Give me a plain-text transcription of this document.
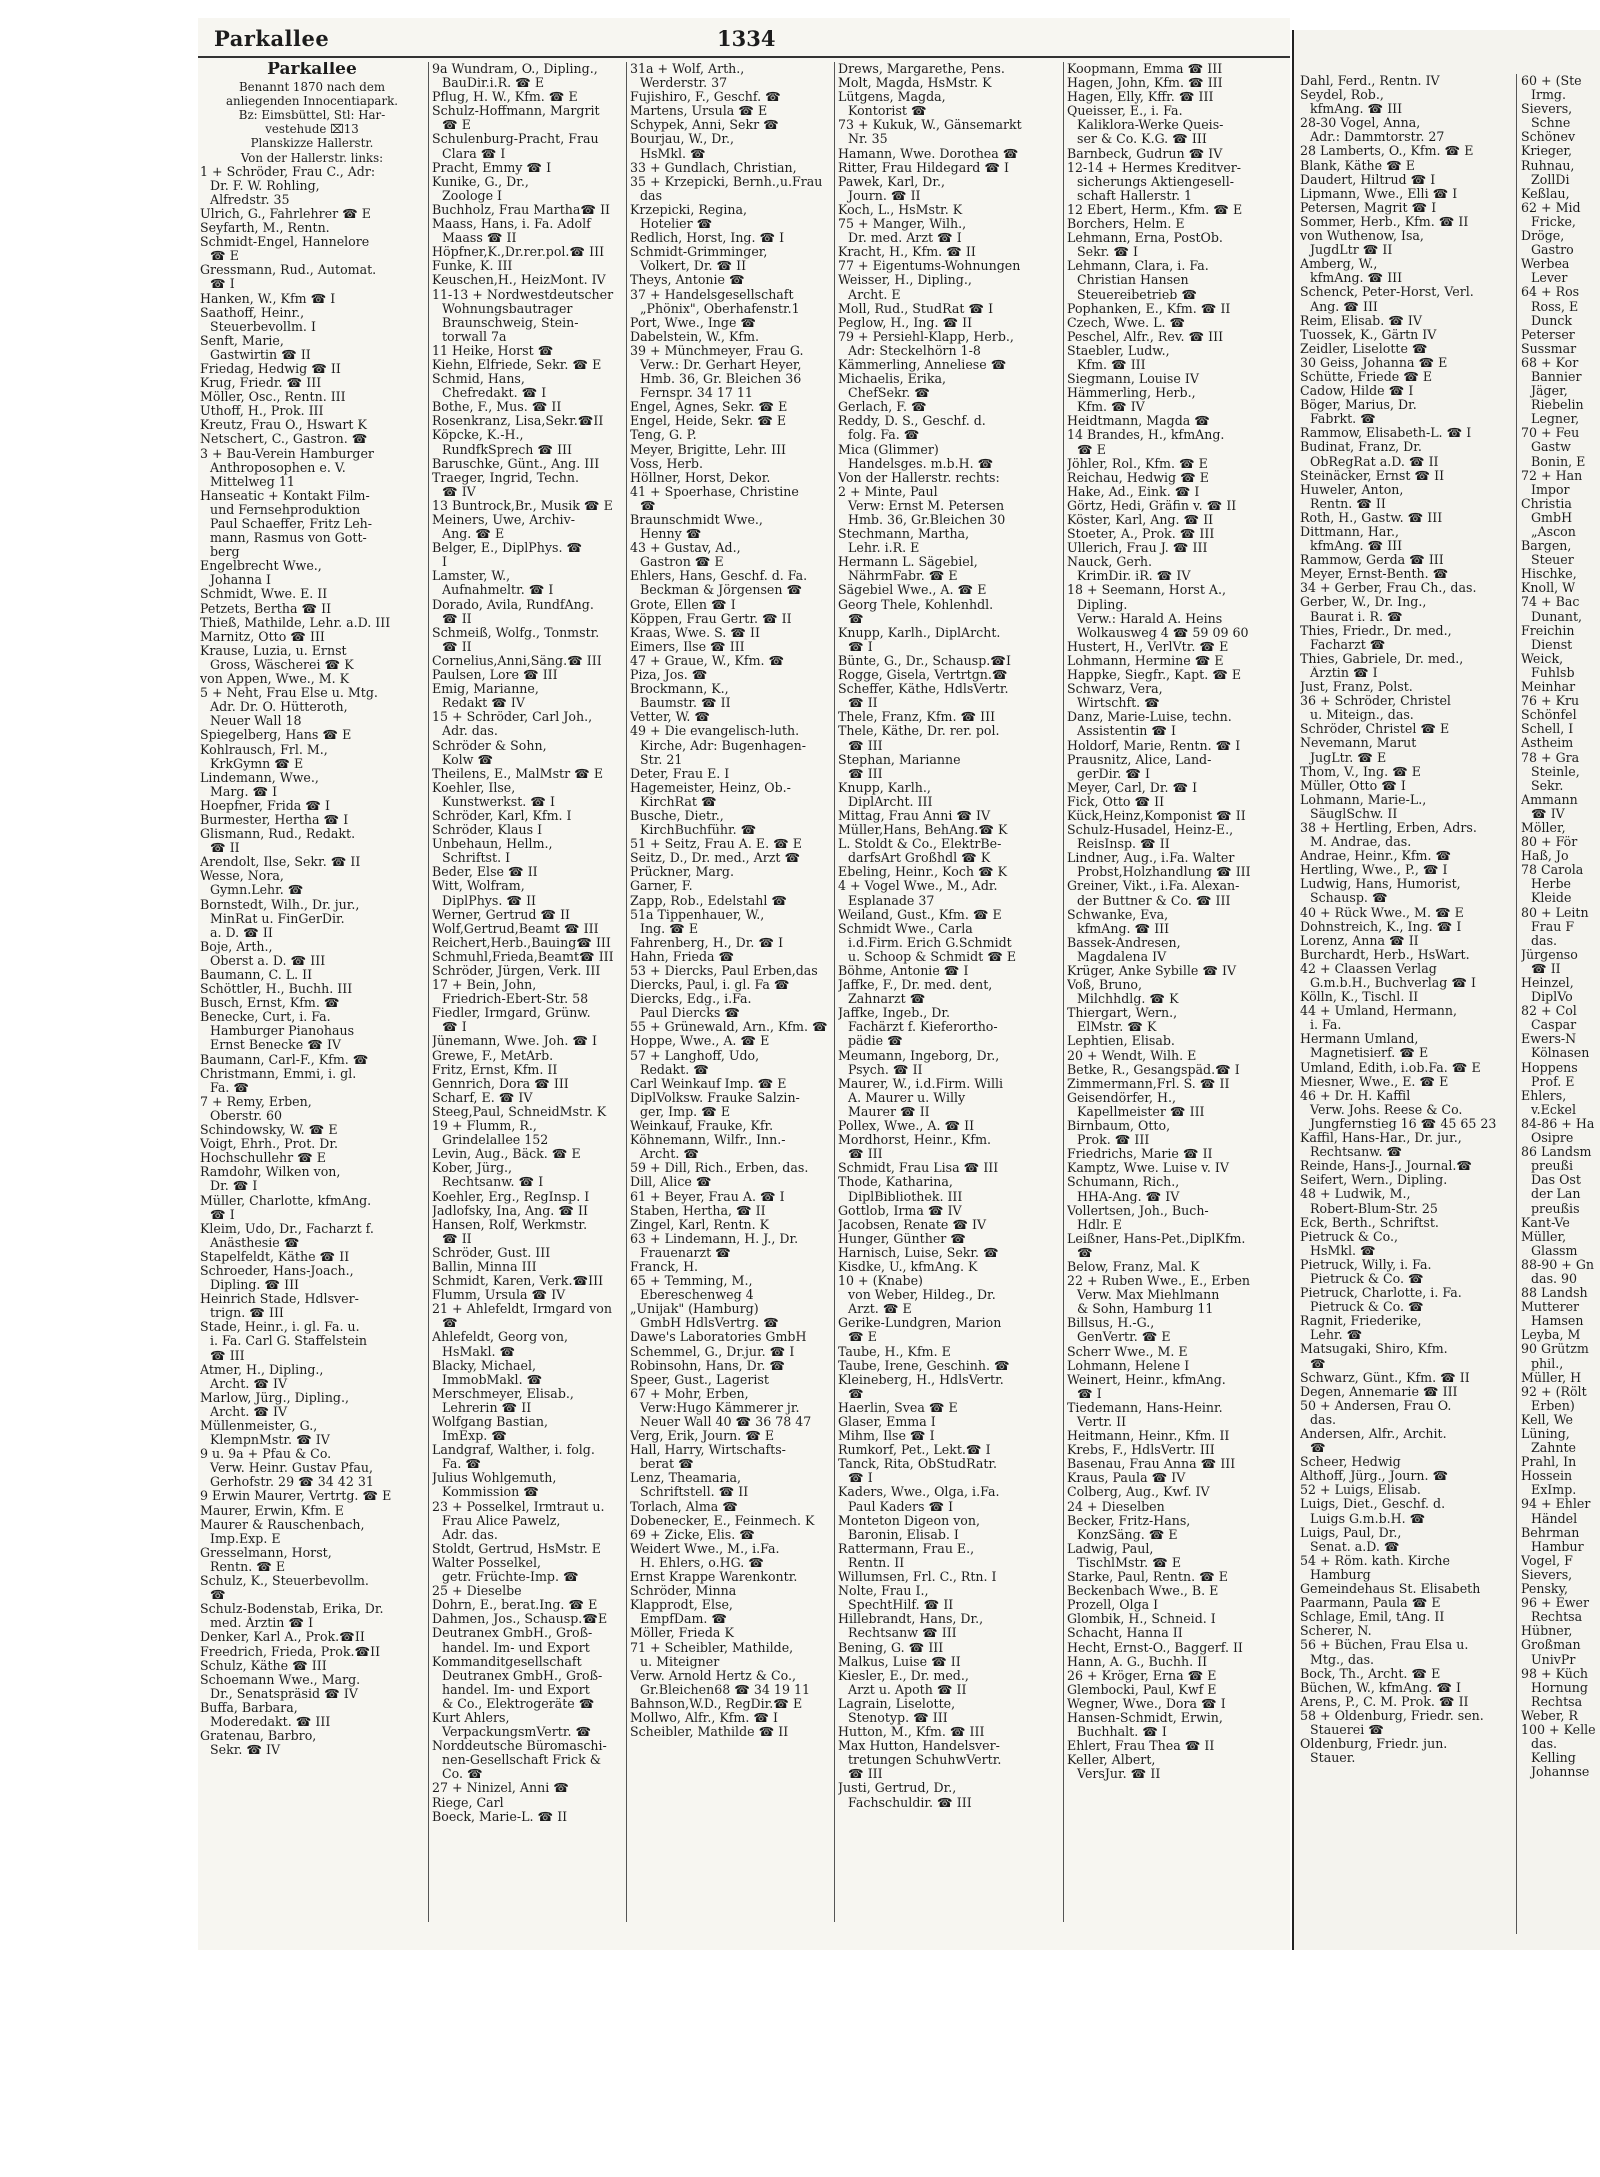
Parkallee	1334
Parkallee
Benannt 1870 nach dem
anliegenden Innocentiapark.
Bz: Eimsbüttel, Stl: Har-
vestehude ⌧13
Planskizze Hallerstr.
Von der Hallerstr. links:
1 + Schröder, Frau C., Adr:
Dr. F. W. Rohling,
Alfredstr. 35
Ulrich, G., Fahrlehrer ☎ E
Seyfarth, M., Rentn.
Schmidt-Engel, Hannelore
☎ E
Gressmann, Rud., Automat.
☎ I
Hanken, W., Kfm ☎ I
Saathoff, Heinr.,
Steuerbevollm. I
Senft, Marie,
Gastwirtin ☎ II
Friedag, Hedwig ☎ II
Krug, Friedr. ☎ III
Möller, Osc., Rentn. III
Uthoff, H., Prok. III
Kreutz, Frau O., Hswart K
Netschert, C., Gastron. ☎
3 + Bau-Verein Hamburger
Anthroposophen e. V.
Mittelweg 11
Hanseatic + Kontakt Film-
und Fernsehproduktion
Paul Schaeffer, Fritz Leh-
mann, Rasmus von Gott-
berg
Engelbrecht Wwe.,
Johanna I
Schmidt, Wwe. E. II
Petzets, Bertha ☎ II
Thieß, Mathilde, Lehr. a.D. III
Marnitz, Otto ☎ III
Krause, Luzia, u. Ernst
Gross, Wäscherei ☎ K
von Appen, Wwe., M. K
5 + Neht, Frau Else u. Mtg.
Adr. Dr. O. Hütteroth,
Neuer Wall 18
Spiegelberg, Hans ☎ E
Kohlrausch, Frl. M.,
KrkGymn ☎ E
Lindemann, Wwe.,
Marg. ☎ I
Hoepfner, Frida ☎ I
Burmester, Hertha ☎ I
Glismann, Rud., Redakt.
☎ II
Arendolt, Ilse, Sekr. ☎ II
Wesse, Nora,
Gymn.Lehr. ☎
Bornstedt, Wilh., Dr. jur.,
MinRat u. FinGerDir.
a. D. ☎ II
Boje, Arth.,
Oberst a. D. ☎ III
Baumann, C. L. II
Schöttler, H., Buchh. III
Busch, Ernst, Kfm. ☎
Benecke, Curt, i. Fa.
Hamburger Pianohaus
Ernst Benecke ☎ IV
Baumann, Carl-F., Kfm. ☎
Christmann, Emmi, i. gl.
Fa. ☎
7 + Remy, Erben,
Oberstr. 60
Schindowsky, W. ☎ E
Voigt, Ehrh., Prot. Dr.
Hochschullehr ☎ E
Ramdohr, Wilken von,
Dr. ☎ I
Müller, Charlotte, kfmAng.
☎ I
Kleim, Udo, Dr., Facharzt f.
Anästhesie ☎
Stapelfeldt, Käthe ☎ II
Schroeder, Hans-Joach.,
Dipling. ☎ III
Heinrich Stade, Hdlsver-
trign. ☎ III
Stade, Heinr., i. gl. Fa. u.
i. Fa. Carl G. Staffelstein
☎ III
Atmer, H., Dipling.,
Archt. ☎ IV
Marlow, Jürg., Dipling.,
Archt. ☎ IV
Müllenmeister, G.,
KlempnMstr. ☎ IV
9 u. 9a + Pfau & Co.
Verw. Heinr. Gustav Pfau,
Gerhofstr. 29 ☎ 34 42 31
9 Erwin Maurer, Vertrtg. ☎ E
Maurer, Erwin, Kfm. E
Maurer & Rauschenbach,
Imp.Exp. E
Gresselmann, Horst,
Rentn. ☎ E
Schulz, K., Steuerbevollm.
☎
Schulz-Bodenstab, Erika, Dr.
med. Ärztin ☎ I
Denker, Karl A., Prok.☎II
Freedrich, Frieda, Prok.☎II
Schulz, Käthe ☎ III
Schoemann Wwe., Marg.
Dr., Senatspräsid ☎ IV
Buffa, Barbara,
Moderedakt. ☎ III
Gratenau, Barbro,
Sekr. ☎ IV
9a Wundram, O., Dipling.,
BauDir.i.R. ☎ E
Pflug, H. W., Kfm. ☎ E
Schulz-Hoffmann, Margrit
☎ E
Schulenburg-Pracht, Frau
Clara ☎ I
Pracht, Emmy ☎ I
Kunike, G., Dr.,
Zoologe I
Buchholz, Frau Martha☎ II
Maass, Hans, i. Fa. Adolf
Maass ☎ II
Höpfner,K.,Dr.rer.pol.☎ III
Funke, K. III
Keuschen,H., HeizMont. IV
11-13 + Nordwestdeutscher
Wohnungsbautrager
Braunschweig, Stein-
torwall 7a
11 Heike, Horst ☎
Kiehn, Elfriede, Sekr. ☎ E
Schmid, Hans,
Chefredakt. ☎ I
Bothe, F., Mus. ☎ II
Rosenkranz, Lisa,Sekr.☎II
Köpcke, K.-H.,
RundfkSprech ☎ III
Baruschke, Günt., Ang. III
Traeger, Ingrid, Techn.
☎ IV
13 Buntrock,Br., Musik ☎ E
Meiners, Uwe, Archiv-
Ang. ☎ E
Belger, E., DiplPhys. ☎
I
Lamster, W.,
Aufnahmeltr. ☎ I
Dorado, Avila, RundfAng.
☎ II
Schmeiß, Wolfg., Tonmstr.
☎ II
Cornelius,Anni,Säng.☎ III
Paulsen, Lore ☎ III
Emig, Marianne,
Redakt ☎ IV
15 + Schröder, Carl Joh.,
Adr. das.
Schröder & Sohn,
Kolw ☎
Theilens, E., MalMstr ☎ E
Koehler, Ilse,
Kunstwerkst. ☎ I
Schröder, Karl, Kfm. I
Schröder, Klaus I
Unbehaun, Hellm.,
Schriftst. I
Beder, Else ☎ II
Witt, Wolfram,
DiplPhys. ☎ II
Werner, Gertrud ☎ II
Wolf,Gertrud,Beamt ☎ III
Reichert,Herb.,Bauing☎ III
Schmuhl,Frieda,Beamt☎ III
Schröder, Jürgen, Verk. III
17 + Bein, John,
Friedrich-Ebert-Str. 58
Fiedler, Irmgard, Grünw.
☎ I
Jünemann, Wwe. Joh. ☎ I
Grewe, F., MetArb.
Fritz, Ernst, Kfm. II
Gennrich, Dora ☎ III
Scharf, E. ☎ IV
Steeg,Paul, SchneidMstr. K
19 + Flumm, R.,
Grindelallee 152
Levin, Aug., Bäck. ☎ E
Kober, Jürg.,
Rechtsanw. ☎ I
Koehler, Erg., RegInsp. I
Jadlofsky, Ina, Ang. ☎ II
Hansen, Rolf, Werkmstr.
☎ II
Schröder, Gust. III
Ballin, Minna III
Schmidt, Karen, Verk.☎III
Flumm, Ursula ☎ IV
21 + Ahlefeldt, Irmgard von
☎
Ahlefeldt, Georg von,
HsMakl. ☎
Blacky, Michael,
ImmobMakl. ☎
Merschmeyer, Elisab.,
Lehrerin ☎ II
Wolfgang Bastian,
ImExp. ☎
Landgraf, Walther, i. folg.
Fa. ☎
Julius Wohlgemuth,
Kommission ☎
23 + Posselkel, Irmtraut u.
Frau Alice Pawelz,
Adr. das.
Stoldt, Gertrud, HsMstr. E
Walter Posselkel,
getr. Früchte-Imp. ☎
25 + Dieselbe
Dohrn, E., berat.Ing. ☎ E
Dahmen, Jos., Schausp.☎E
Deutranex GmbH., Groß-
handel. Im- und Export
Kommanditgesellschaft
Deutranex GmbH., Groß-
handel. Im- und Export
& Co., Elektrogeräte ☎
Kurt Ahlers,
VerpackungsmVertr. ☎
Norddeutsche Büromaschi-
nen-Gesellschaft Frick &
Co. ☎
27 + Ninizel, Anni ☎
Riege, Carl
Boeck, Marie-L. ☎ II
31a + Wolf, Arth.,
Werderstr. 37
Fujishiro, F., Geschf. ☎
Martens, Ursula ☎ E
Schypek, Anni, Sekr ☎
Bourjau, W., Dr.,
HsMkl. ☎
33 + Gundlach, Christian,
35 + Krzepicki, Bernh.,u.Frau
das
Krzepicki, Regina,
Hotelier ☎
Redlich, Horst, Ing. ☎ I
Schmidt-Grimminger,
Volkert, Dr. ☎ II
Theys, Antonie ☎
37 + Handelsgesellschaft
„Phönix", Oberhafenstr.1
Port, Wwe., Inge ☎
Dabelstein, W., Kfm.
39 + Münchmeyer, Frau G.
Verw.: Dr. Gerhart Heyer,
Hmb. 36, Gr. Bleichen 36
Fernspr. 34 17 11
Engel, Agnes, Sekr. ☎ E
Engel, Heide, Sekr. ☎ E
Teng, G. P.
Meyer, Brigitte, Lehr. III
Voss, Herb.
Höllner, Horst, Dekor.
41 + Spoerhase, Christine
☎
Braunschmidt Wwe.,
Henny ☎
43 + Gustav, Ad.,
Gastron ☎ E
Ehlers, Hans, Geschf. d. Fa.
Beckman & Jörgensen ☎
Grote, Ellen ☎ I
Köppen, Frau Gertr. ☎ II
Kraas, Wwe. S. ☎ II
Eimers, Ilse ☎ III
47 + Graue, W., Kfm. ☎
Piza, Jos. ☎
Brockmann, K.,
Baumstr. ☎ II
Vetter, W. ☎
49 + Die evangelisch-luth.
Kirche, Adr: Bugenhagen-
Str. 21
Deter, Frau E. I
Hagemeister, Heinz, Ob.-
KirchRat ☎
Busche, Dietr.,
KirchBuchführ. ☎
51 + Seitz, Frau A. E. ☎ E
Seitz, D., Dr. med., Arzt ☎
Prückner, Marg.
Garner, F.
Zapp, Rob., Edelstahl ☎
51a Tippenhauer, W.,
Ing. ☎ E
Fahrenberg, H., Dr. ☎ I
Hahn, Frieda ☎
53 + Diercks, Paul Erben,das
Diercks, Paul, i. gl. Fa ☎
Diercks, Edg., i.Fa.
Paul Diercks ☎
55 + Grünewald, Arn., Kfm. ☎
Hoppe, Wwe., A. ☎ E
57 + Langhoff, Udo,
Redakt. ☎
Carl Weinkauf Imp. ☎ E
DiplVolksw. Frauke Salzin-
ger, Imp. ☎ E
Weinkauf, Frauke, Kfr.
Köhnemann, Wilfr., Inn.-
Archt. ☎
59 + Dill, Rich., Erben, das.
Dill, Alice ☎
61 + Beyer, Frau A. ☎ I
Staben, Hertha, ☎ II
Zingel, Karl, Rentn. K
63 + Lindemann, H. J., Dr.
Frauenarzt ☎
Franck, H.
65 + Temming, M.,
Ebereschenweg 4
„Unijak" (Hamburg)
GmbH HdlsVertrg. ☎
Dawe's Laboratories GmbH
Schemmel, G., Dr.jur. ☎ I
Robinsohn, Hans, Dr. ☎
Speer, Gust., Lagerist
67 + Mohr, Erben,
Verw:Hugo Kämmerer jr.
Neuer Wall 40 ☎ 36 78 47
Verg, Erik, Journ. ☎ E
Hall, Harry, Wirtschafts-
berat ☎
Lenz, Theamaria,
Schriftstell. ☎ II
Torlach, Alma ☎
Dobenecker, E., Feinmech. K
69 + Zicke, Elis. ☎
Weidert Wwe., M., i.Fa.
H. Ehlers, o.HG. ☎
Ernst Krappe Warenkontr.
Schröder, Minna
Klapprodt, Else,
EmpfDam. ☎
Möller, Frieda K
71 + Scheibler, Mathilde,
u. Miteigner
Verw. Arnold Hertz & Co.,
Gr.Bleichen68 ☎ 34 19 11
Bahnson,W.D., RegDir.☎ E
Mollwo, Alfr., Kfm. ☎ I
Scheibler, Mathilde ☎ II
Drews, Margarethe, Pens.
Molt, Magda, HsMstr. K
Lütgens, Magda,
Kontorist ☎
73 + Kukuk, W., Gänsemarkt
Nr. 35
Hamann, Wwe. Dorothea ☎
Ritter, Frau Hildegard ☎ I
Pawek, Karl, Dr.,
Journ. ☎ II
Koch, L., HsMstr. K
75 + Manger, Wilh.,
Dr. med. Arzt ☎ I
Kracht, H., Kfm. ☎ II
77 + Eigentums-Wohnungen
Weisser, H., Dipling.,
Archt. E
Moll, Rud., StudRat ☎ I
Peglow, H., Ing. ☎ II
79 + Persiehl-Klapp, Herb.,
Adr: Steckelhörn 1-8
Kämmerling, Anneliese ☎
Michaelis, Erika,
ChefSekr. ☎
Gerlach, F. ☎
Reddy, D. S., Geschf. d.
folg. Fa. ☎
Mica (Glimmer)
Handelsges. m.b.H. ☎
Von der Hallerstr. rechts:
2 + Minte, Paul
Verw: Ernst M. Petersen
Hmb. 36, Gr.Bleichen 30
Stechmann, Martha,
Lehr. i.R. E
Hermann L. Sägebiel,
NährmFabr. ☎ E
Sägebiel Wwe., A. ☎ E
Georg Thele, Kohlenhdl.
☎
Knupp, Karlh., DiplArcht.
☎ I
Bünte, G., Dr., Schausp.☎I
Rogge, Gisela, Vertrtgn.☎
Scheffer, Käthe, HdlsVertr.
☎ II
Thele, Franz, Kfm. ☎ III
Thele, Käthe, Dr. rer. pol.
☎ III
Stephan, Marianne
☎ III
Knupp, Karlh.,
DiplArcht. III
Mittag, Frau Anni ☎ IV
Müller,Hans, BehAng.☎ K
L. Stoldt & Co., ElektrBe-
darfsArt Großhdl ☎ K
Ebeling, Heinr., Koch ☎ K
4 + Vogel Wwe., M., Adr.
Esplanade 37
Weiland, Gust., Kfm. ☎ E
Schmidt Wwe., Carla
i.d.Firm. Erich G.Schmidt
u. Schoop & Schmidt ☎ E
Böhme, Antonie ☎ I
Jaffke, F., Dr. med. dent,
Zahnarzt ☎
Jaffke, Ingeb., Dr.
Fachärzt f. Kieferortho-
pädie ☎
Meumann, Ingeborg, Dr.,
Psych. ☎ II
Maurer, W., i.d.Firm. Willi
A. Maurer u. Willy
Maurer ☎ II
Pollex, Wwe., A. ☎ II
Mordhorst, Heinr., Kfm.
☎ III
Schmidt, Frau Lisa ☎ III
Thode, Katharina,
DiplBibliothek. III
Gottlob, Irma ☎ IV
Jacobsen, Renate ☎ IV
Hunger, Günther ☎
Harnisch, Luise, Sekr. ☎
Kisdke, U., kfmAng. K
10 + (Knabe)
von Weber, Hildeg., Dr.
Arzt. ☎ E
Gerike-Lundgren, Marion
☎ E
Taube, H., Kfm. E
Taube, Irene, Geschinh. ☎
Kleineberg, H., HdlsVertr.
☎
Haerlin, Svea ☎ E
Glaser, Emma I
Mihm, Ilse ☎ I
Rumkorf, Pet., Lekt.☎ I
Tanck, Rita, ObStudRatr.
☎ I
Kaders, Wwe., Olga, i.Fa.
Paul Kaders ☎ I
Monteton Digeon von,
Baronin, Elisab. I
Rattermann, Frau E.,
Rentn. II
Willumsen, Frl. C., Rtn. I
Nolte, Frau I.,
SpechtHilf. ☎ II
Hillebrandt, Hans, Dr.,
Rechtsanw ☎ III
Bening, G. ☎ III
Malkus, Luise ☎ II
Kiesler, E., Dr. med.,
Arzt u. Apoth ☎ II
Lagrain, Liselotte,
Stenotyp. ☎ III
Hutton, M., Kfm. ☎ III
Max Hutton, Handelsver-
tretungen SchuhwVertr.
☎ III
Justi, Gertrud, Dr.,
Fachschuldir. ☎ III
Koopmann, Emma ☎ III
Hagen, John, Kfm. ☎ III
Hagen, Elly, Kffr. ☎ III
Queisser, E., i. Fa.
Kaliklora-Werke Queis-
ser & Co. K.G. ☎ III
Barnbeck, Gudrun ☎ IV
12-14 + Hermes Kreditver-
sicherungs Aktiengesell-
schaft Hallerstr. 1
12 Ebert, Herm., Kfm. ☎ E
Borchers, Helm. E
Lehmann, Erna, PostOb.
Sekr. ☎ I
Lehmann, Clara, i. Fa.
Christian Hansen
Steuereibetrieb ☎
Pophanken, E., Kfm. ☎ II
Czech, Wwe. L. ☎
Peschel, Alfr., Rev. ☎ III
Staebler, Ludw.,
Kfm. ☎ III
Siegmann, Louise IV
Hämmerling, Herb.,
Kfm. ☎ IV
Heidtmann, Magda ☎
14 Brandes, H., kfmAng.
☎ E
Jöhler, Rol., Kfm. ☎ E
Reichau, Hedwig ☎ E
Hake, Ad., Eink. ☎ I
Görtz, Hedi, Gräfin v. ☎ II
Köster, Karl, Ang. ☎ II
Stoeter, A., Prok. ☎ III
Ullerich, Frau J. ☎ III
Nauck, Gerh.
KrimDir. iR. ☎ IV
18 + Seemann, Horst A.,
Dipling.
Verw.: Harald A. Heins
Wolkausweg 4 ☎ 59 09 60
Hustert, H., VerlVtr. ☎ E
Lohmann, Hermine ☎ E
Happke, Siegfr., Kapt. ☎ E
Schwarz, Vera,
Wirtschft. ☎
Danz, Marie-Luise, techn.
Assistentin ☎ I
Holdorf, Marie, Rentn. ☎ I
Prausnitz, Alice, Land-
gerDir. ☎ I
Meyer, Carl, Dr. ☎ I
Fick, Otto ☎ II
Kück,Heinz,Komponist ☎ II
Schulz-Husadel, Heinz-E.,
ReisInsp. ☎ II
Lindner, Aug., i.Fa. Walter
Probst,Holzhandlung ☎ III
Greiner, Vikt., i.Fa. Alexan-
der Buttner & Co. ☎ III
Schwanke, Eva,
kfmAng. ☎ III
Bassek-Andresen,
Magdalena IV
Krüger, Anke Sybille ☎ IV
Voß, Bruno,
Milchhdlg. ☎ K
Thiergart, Wern.,
ElMstr. ☎ K
Lephtien, Elisab.
20 + Wendt, Wilh. E
Betke, R., Gesangspäd.☎ I
Zimmermann,Frl. S. ☎ II
Geisendörfer, H.,
Kapellmeister ☎ III
Birnbaum, Otto,
Prok. ☎ III
Friedrichs, Marie ☎ II
Kamptz, Wwe. Luise v. IV
Schumann, Rich.,
HHA-Ang. ☎ IV
Vollertsen, Joh., Buch-
Hdlr. E
Leißner, Hans-Pet.,DiplKfm.
☎
Below, Franz, Mal. K
22 + Ruben Wwe., E., Erben
Verw. Max Miehlmann
& Sohn, Hamburg 11
Billsus, H.-G.,
GenVertr. ☎ E
Scherr Wwe., M. E
Lohmann, Helene I
Weinert, Heinr., kfmAng.
☎ I
Tiedemann, Hans-Heinr.
Vertr. II
Heitmann, Heinr., Kfm. II
Krebs, F., HdlsVertr. III
Basenau, Frau Anna ☎ III
Kraus, Paula ☎ IV
Colberg, Aug., Kwf. IV
24 + Dieselben
Becker, Fritz-Hans,
KonzSäng. ☎ E
Ladwig, Paul,
TischlMstr. ☎ E
Starke, Paul, Rentn. ☎ E
Beckenbach Wwe., B. E
Prozell, Olga I
Glombik, H., Schneid. I
Schacht, Hanna II
Hecht, Ernst-O., Baggerf. II
Hann, A. G., Buchh. II
26 + Kröger, Erna ☎ E
Glembocki, Paul, Kwf E
Wegner, Wwe., Dora ☎ I
Hansen-Schmidt, Erwin,
Buchhalt. ☎ I
Ehlert, Frau Thea ☎ II
Keller, Albert,
VersJur. ☎ II
Dahl, Ferd., Rentn. IV
Seydel, Rob.,
kfmAng. ☎ III
28-30 Vogel, Anna,
Adr.: Dammtorstr. 27
28 Lamberts, O., Kfm. ☎ E
Blank, Käthe ☎ E
Daudert, Hiltrud ☎ I
Lipmann, Wwe., Elli ☎ I
Petersen, Magrit ☎ I
Sommer, Herb., Kfm. ☎ II
von Wuthenow, Isa,
JugdLtr ☎ II
Amberg, W.,
kfmAng. ☎ III
Schenck, Peter-Horst, Verl.
Ang. ☎ III
Reim, Elisab. ☎ IV
Tuossek, K., Gärtn IV
Zeidler, Liselotte ☎
30 Geiss, Johanna ☎ E
Schütte, Friede ☎ E
Cadow, Hilde ☎ I
Böger, Marius, Dr.
Fabrkt. ☎
Rammow, Elisabeth-L. ☎ I
Budinat, Franz, Dr.
ObRegRat a.D. ☎ II
Steinäcker, Ernst ☎ II
Huweler, Anton,
Rentn. ☎ II
Roth, H., Gastw. ☎ III
Dittmann, Har.,
kfmAng. ☎ III
Rammow, Gerda ☎ III
Meyer, Ernst-Benth. ☎
34 + Gerber, Frau Ch., das.
Gerber, W., Dr. Ing.,
Baurat i. R. ☎
Thies, Friedr., Dr. med.,
Facharzt ☎
Thies, Gabriele, Dr. med.,
Ärztin ☎ I
Just, Franz, Polst.
36 + Schröder, Christel
u. Miteign., das.
Schröder, Christel ☎ E
Nevemann, Marut
JugLtr. ☎ E
Thom, V., Ing. ☎ E
Müller, Otto ☎ I
Lohmann, Marie-L.,
SäuglSchw. II
38 + Hertling, Erben, Adrs.
M. Andrae, das.
Andrae, Heinr., Kfm. ☎
Hertling, Wwe., P., ☎ I
Ludwig, Hans, Humorist,
Schausp. ☎
40 + Rück Wwe., M. ☎ E
Dohnstreich, K., Ing. ☎ I
Lorenz, Anna ☎ II
Burchardt, Herb., HsWart.
42 + Claassen Verlag
G.m.b.H., Buchverlag ☎ I
Kölln, K., Tischl. II
44 + Umland, Hermann,
i. Fa.
Hermann Umland,
Magnetisierf. ☎ E
Umland, Edith, i.ob.Fa. ☎ E
Miesner, Wwe., E. ☎ E
46 + Dr. H. Kaffil
Verw. Johs. Reese & Co.
Jungfernstieg 16 ☎ 45 65 23
Kaffil, Hans-Har., Dr. jur.,
Rechtsanw. ☎
Reinde, Hans-J., Journal.☎
Seifert, Wern., Dipling.
48 + Ludwik, M.,
Robert-Blum-Str. 25
Eck, Berth., Schriftst.
Pietruck & Co.,
HsMkl. ☎
Pietruck, Willy, i. Fa.
Pietruck & Co. ☎
Pietruck, Charlotte, i. Fa.
Pietruck & Co. ☎
Ragnit, Friederike,
Lehr. ☎
Matsugaki, Shiro, Kfm.
☎
Schwarz, Günt., Kfm. ☎ II
Degen, Annemarie ☎ III
50 + Andersen, Frau O.
das.
Andersen, Alfr., Archit.
☎
Scheer, Hedwig
Althoff, Jürg., Journ. ☎
52 + Luigs, Elisab.
Luigs, Diet., Geschf. d.
Luigs G.m.b.H. ☎
Luigs, Paul, Dr.,
Senat. a.D. ☎
54 + Röm. kath. Kirche
Hamburg
Gemeindehaus St. Elisabeth
Paarmann, Paula ☎ E
Schlage, Emil, tAng. II
Scherer, N.
56 + Büchen, Frau Elsa u.
Mtg., das.
Bock, Th., Archt. ☎ E
Büchen, W., kfmAng. ☎ I
Arens, P., C. M. Prok. ☎ II
58 + Oldenburg, Friedr. sen.
Stauerei ☎
Oldenburg, Friedr. jun.
Stauer.
60 + (Ste
Irmg.
Sievers,
Schne
Schönev
Krieger,
Ruhnau,
ZollDi
Keßlau,
62 + Mid
Fricke,
Dröge,
Gastro
Werbea
Lever
64 + Ros
Ross, E
Dunck
Peterser
Sussmar
68 + Kor
Bannier
Jäger,
Riebelin
Legner,
70 + Feu
Gastw
Bonin, E
72 + Han
Impor
Christia
GmbH
„Ascon
Bargen,
Steuer
Hischke,
Knoll, W
74 + Bac
Dunant,
Freichin
Dienst
Weick,
Fuhlsb
Meinhar
76 + Kru
Schönfel
Schell, I
Astheim
78 + Gra
Steinle,
Sekr.
Ammann
☎ IV
Möller,
80 + För
Haß, Jo
78 Carola
Herbe
Kleide
80 + Leitn
Frau F
das.
Jürgenso
☎ II
Heinzel,
DiplVo
82 + Col
Caspar
Ewers-N
Kölnasen
Hoppens
Prof. E
Ehlers,
v.Eckel
84-86 + Ha
Osipre
86 Landsm
preußi
Das Ost
der Lan
preußis
Kant-Ve
Müller,
Glassm
88-90 + Gn
das. 90
88 Landsh
Mutterer
Hamsen
Leyba, M
90 Grützm
phil.,
Müller, H
92 + (Rölt
Erben)
Kell, We
Lüning,
Zahnte
Prahl, In
Hossein
ExImp.
94 + Ehler
Händel
Behrman
Hambur
Vogel, F
Sievers,
Pensky,
96 + Ewer
Rechtsa
Hübner,
Großman
UnivPr
98 + Küch
Hornung
Rechtsa
Weber, R
100 + Kelle
das.
Kelling
Johannse
